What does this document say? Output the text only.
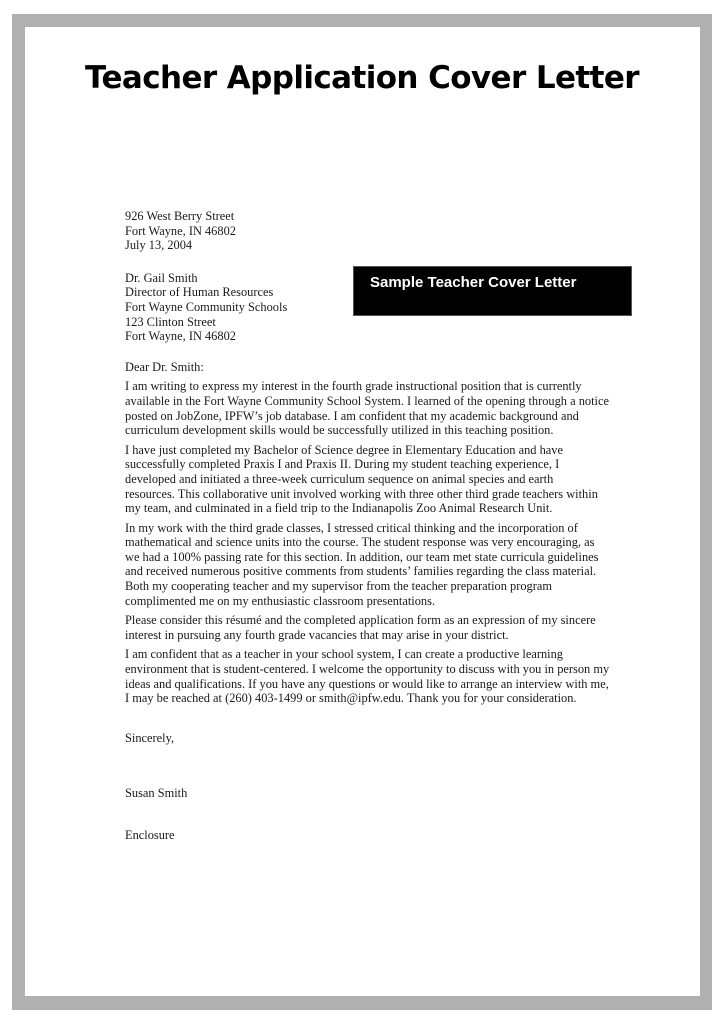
Teacher Application Cover Letter
Sample Teacher Cover Letter
926 West Berry Street
Fort Wayne, IN 46802
July 13, 2004
Dr. Gail Smith
Director of Human Resources
Fort Wayne Community Schools
123 Clinton Street
Fort Wayne, IN 46802

Dear Dr. Smith:

I am writing to express my interest in the fourth grade instructional position that is currently
available in the Fort Wayne Community School System. I learned of the opening through a notice
posted on JobZone, IPFW’s job database. I am confident that my academic background and
curriculum development skills would be successfully utilized in this teaching position.

I have just completed my Bachelor of Science degree in Elementary Education and have
successfully completed Praxis I and Praxis II. During my student teaching experience, I
developed and initiated a three-week curriculum sequence on animal species and earth
resources. This collaborative unit involved working with three other third grade teachers within
my team, and culminated in a field trip to the Indianapolis Zoo Animal Research Unit.

In my work with the third grade classes, I stressed critical thinking and the incorporation of
mathematical and science units into the course. The student response was very encouraging, as
we had a 100% passing rate for this section. In addition, our team met state curricula guidelines
and received numerous positive comments from students’ families regarding the class material.
Both my cooperating teacher and my supervisor from the teacher preparation program
complimented me on my enthusiastic classroom presentations.

Please consider this résumé and the completed application form as an expression of my sincere
interest in pursuing any fourth grade vacancies that may arise in your district.

I am confident that as a teacher in your school system, I can create a productive learning
environment that is student-centered. I welcome the opportunity to discuss with you in person my
ideas and qualifications. If you have any questions or would like to arrange an interview with me,
I may be reached at (260) 403-1499 or smith@ipfw.edu. Thank you for your consideration.

Sincerely,

Susan Smith

Enclosure
